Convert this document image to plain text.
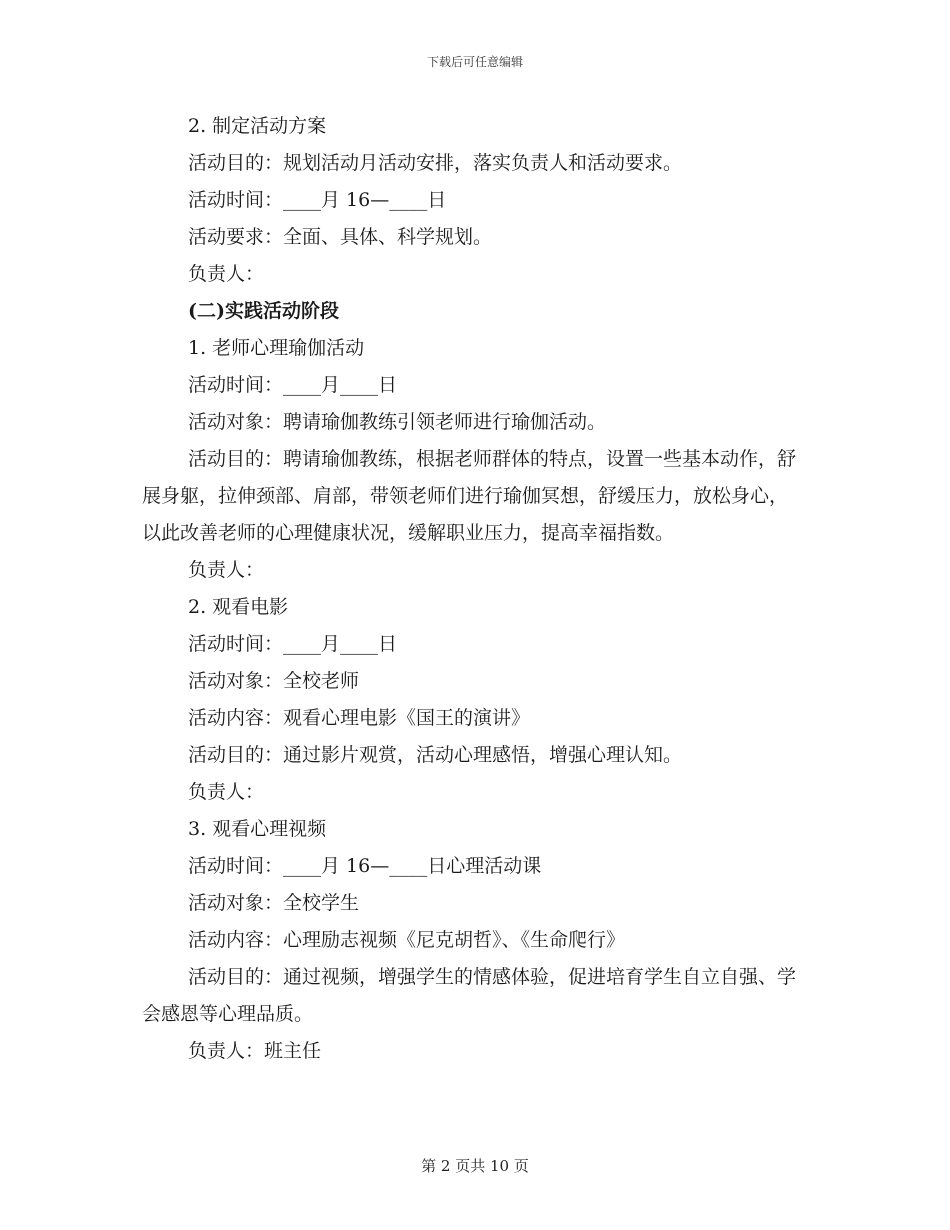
下载后可任意编辑

2. 制定活动方案

活动目的：规划活动月活动安排，落实负责人和活动要求。

活动时间：____月 16—____日

活动要求：全面、具体、科学规划。

负责人：

(二)实践活动阶段

1. 老师心理瑜伽活动

活动时间：____月____日

活动对象：聘请瑜伽教练引领老师进行瑜伽活动。

活动目的：聘请瑜伽教练，根据老师群体的特点，设置一些基本动作，舒展身躯，拉伸颈部、肩部，带领老师们进行瑜伽冥想，舒缓压力，放松身心，以此改善老师的心理健康状况，缓解职业压力，提高幸福指数。

负责人：

2. 观看电影

活动时间：____月____日

活动对象：全校老师

活动内容：观看心理电影《国王的演讲》

活动目的：通过影片观赏，活动心理感悟，增强心理认知。

负责人：

3. 观看心理视频

活动时间：____月 16—____日心理活动课

活动对象：全校学生

活动内容：心理励志视频《尼克胡哲》、《生命爬行》

活动目的：通过视频，增强学生的情感体验，促进培育学生自立自强、学会感恩等心理品质。

负责人：班主任

第 2 页共 10 页
